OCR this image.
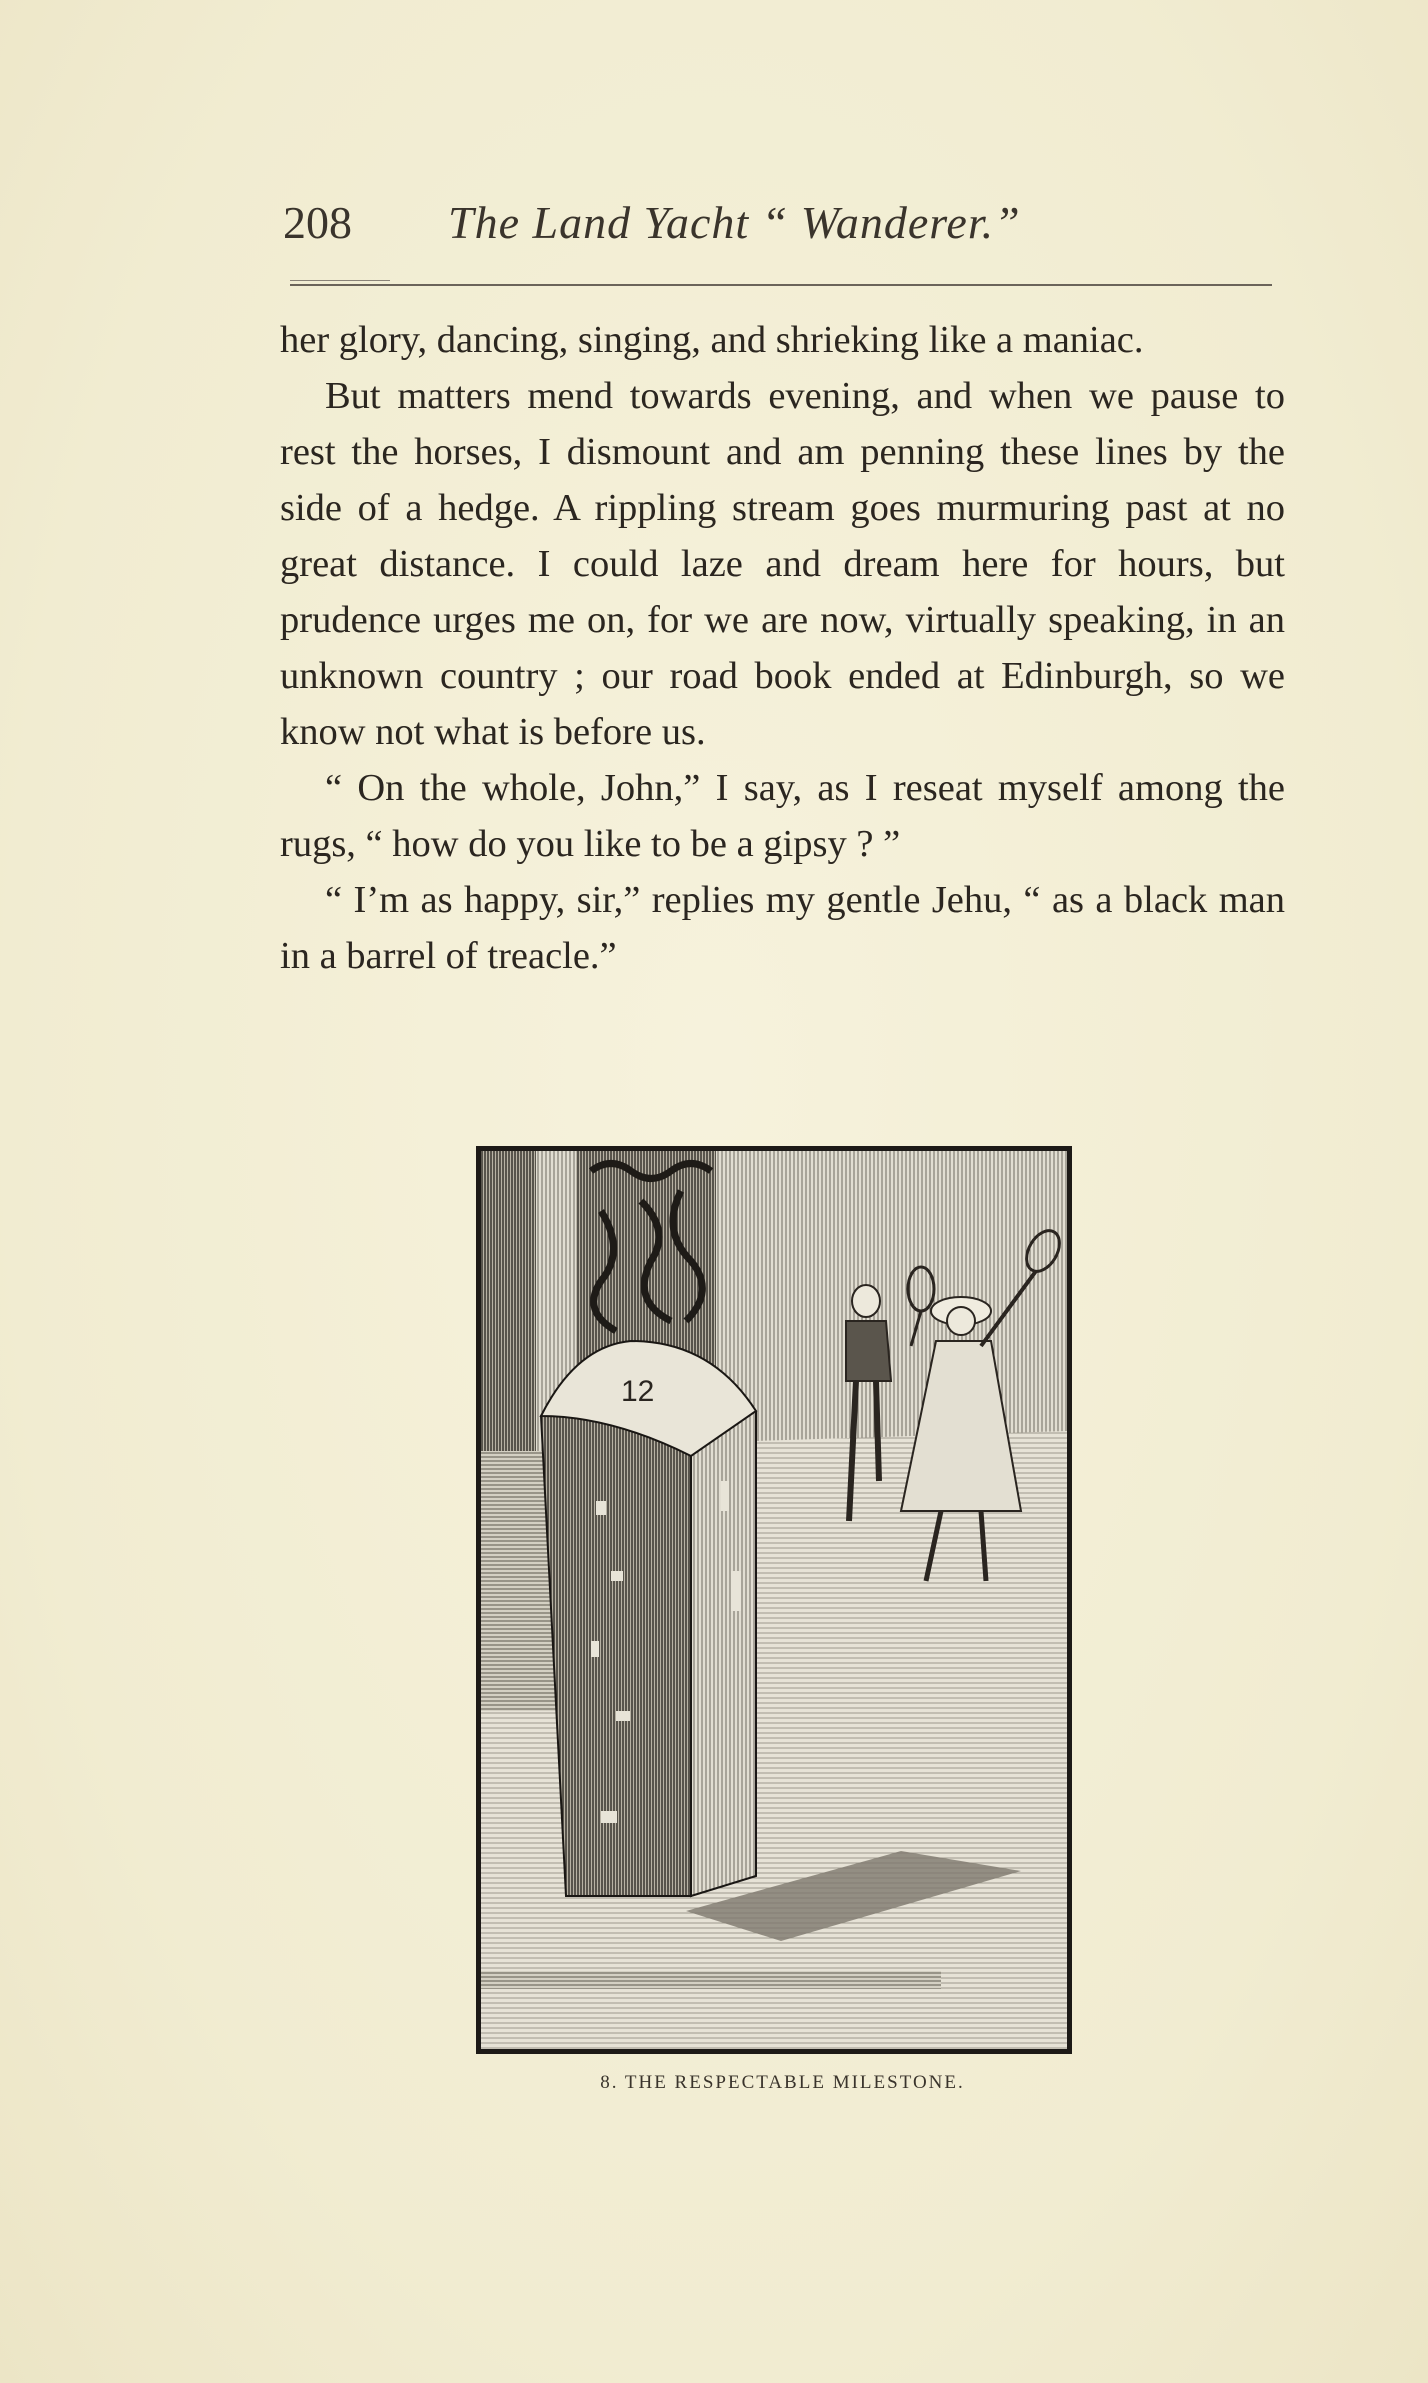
208 The Land Yacht “ Wanderer.”

her glory, dancing, singing, and shrieking like a maniac.

But matters mend towards evening, and when we pause to rest the horses, I dismount and am penning these lines by the side of a hedge. A rippling stream goes murmuring past at no great distance. I could laze and dream here for hours, but prudence urges me on, for we are now, virtually speaking, in an unknown country ; our road book ended at Edinburgh, so we know not what is before us.

“ On the whole, John,” I say, as I reseat myself among the rugs, “ how do you like to be a gipsy ? ”

“ I’m as happy, sir,” replies my gentle Jehu, “ as a black man in a barrel of treacle.”

12
8. THE RESPECTABLE MILESTONE.
